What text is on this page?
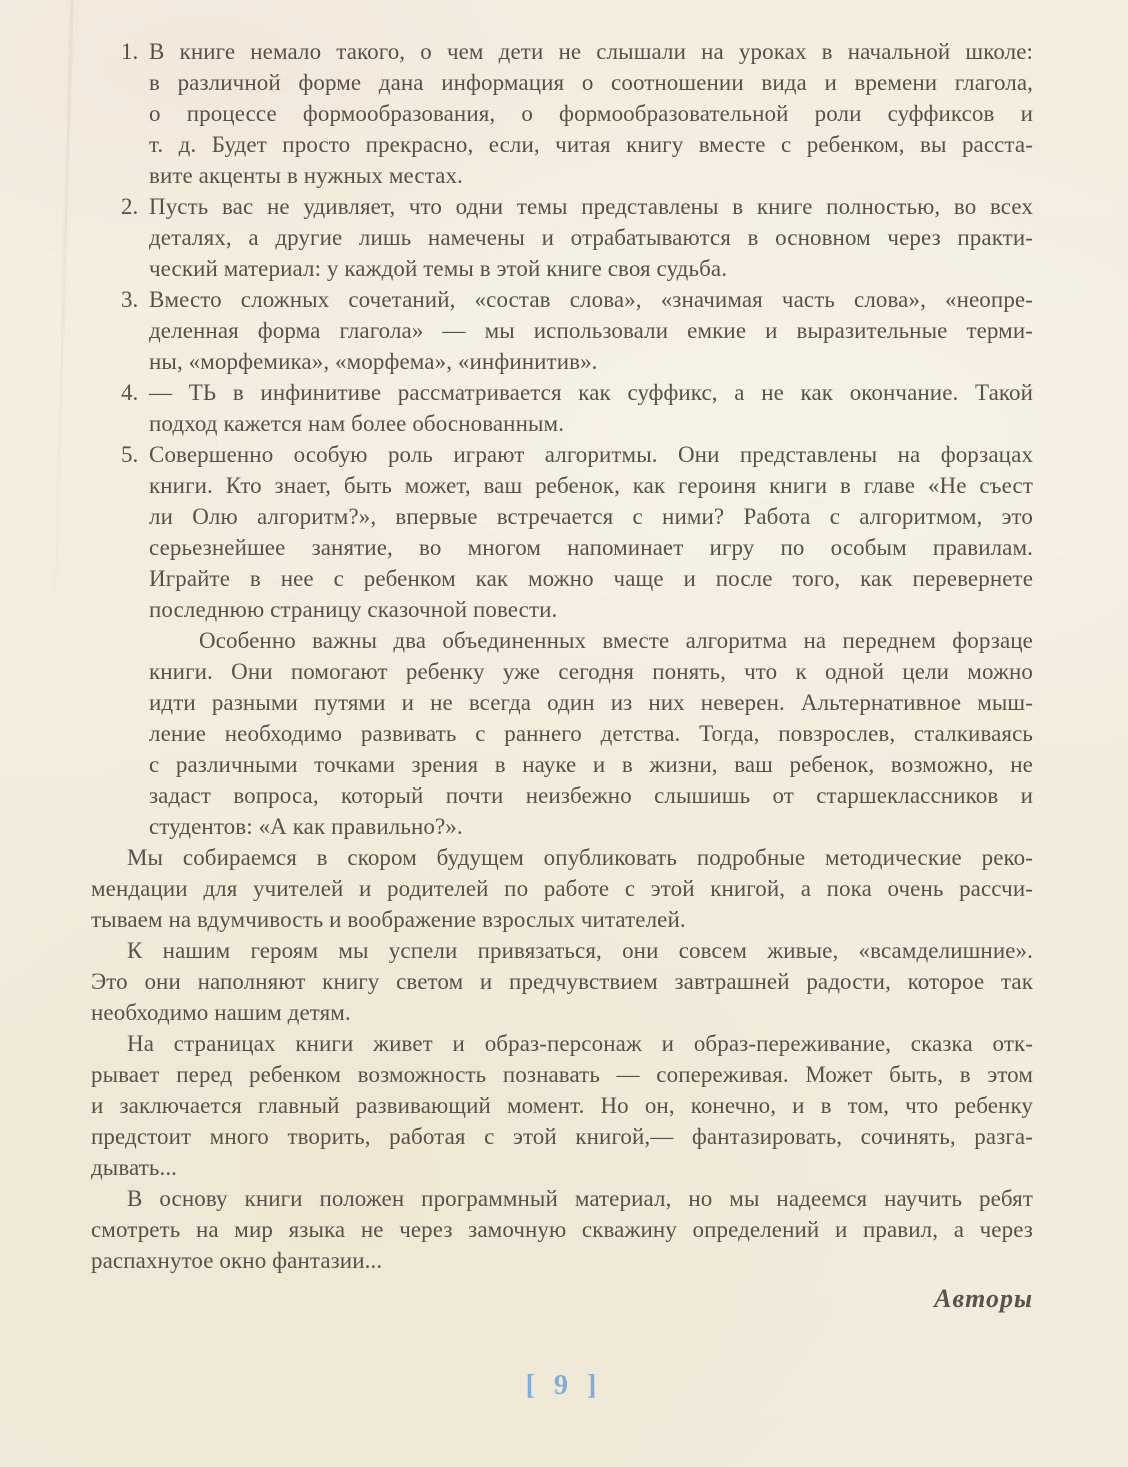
1. В книге немало такого, о чем дети не слышали на уроках в начальной школе:
в различной форме дана информация о соотношении вида и времени глагола,
о процессе формообразования, о формообразовательной роли суффиксов и
т. д. Будет просто прекрасно, если, читая книгу вместе с ребенком, вы расста-
вите акценты в нужных местах.
2. Пусть вас не удивляет, что одни темы представлены в книге полностью, во всех
деталях, а другие лишь намечены и отрабатываются в основном через практи-
ческий материал: у каждой темы в этой книге своя судьба.
3. Вместо сложных сочетаний, «состав слова», «значимая часть слова», «неопре-
деленная форма глагола» — мы использовали емкие и выразительные терми-
ны, «морфемика», «морфема», «инфинитив».
4. — ТЬ в инфинитиве рассматривается как суффикс, а не как окончание. Такой
подход кажется нам более обоснованным.
5. Совершенно особую роль играют алгоритмы. Они представлены на форзацах
книги. Кто знает, быть может, ваш ребенок, как героиня книги в главе «Не съест
ли Олю алгоритм?», впервые встречается с ними? Работа с алгоритмом, это
серьезнейшее занятие, во многом напоминает игру по особым правилам.
Играйте в нее с ребенком как можно чаще и после того, как перевернете
последнюю страницу сказочной повести.
Особенно важны два объединенных вместе алгоритма на переднем форзаце
книги. Они помогают ребенку уже сегодня понять, что к одной цели можно
идти разными путями и не всегда один из них неверен. Альтернативное мыш-
ление необходимо развивать с раннего детства. Тогда, повзрослев, сталкиваясь
с различными точками зрения в науке и в жизни, ваш ребенок, возможно, не
задаст вопроса, который почти неизбежно слышишь от старшеклассников и
студентов: «А как правильно?».
Мы собираемся в скором будущем опубликовать подробные методические реко-
мендации для учителей и родителей по работе с этой книгой, а пока очень рассчи-
тываем на вдумчивость и воображение взрослых читателей.
К нашим героям мы успели привязаться, они совсем живые, «всамделишние».
Это они наполняют книгу светом и предчувствием завтрашней радости, которое так
необходимо нашим детям.
На страницах книги живет и образ-персонаж и образ-переживание, сказка отк-
рывает перед ребенком возможность познавать — сопереживая. Может быть, в этом
и заключается главный развивающий момент. Но он, конечно, и в том, что ребенку
предстоит много творить, работая с этой книгой,— фантазировать, сочинять, разга-
дывать...
В основу книги положен программный материал, но мы надеемся научить ребят
смотреть на мир языка не через замочную скважину определений и правил, а через
распахнутое окно фантазии...
Авторы
[ 9 ]
